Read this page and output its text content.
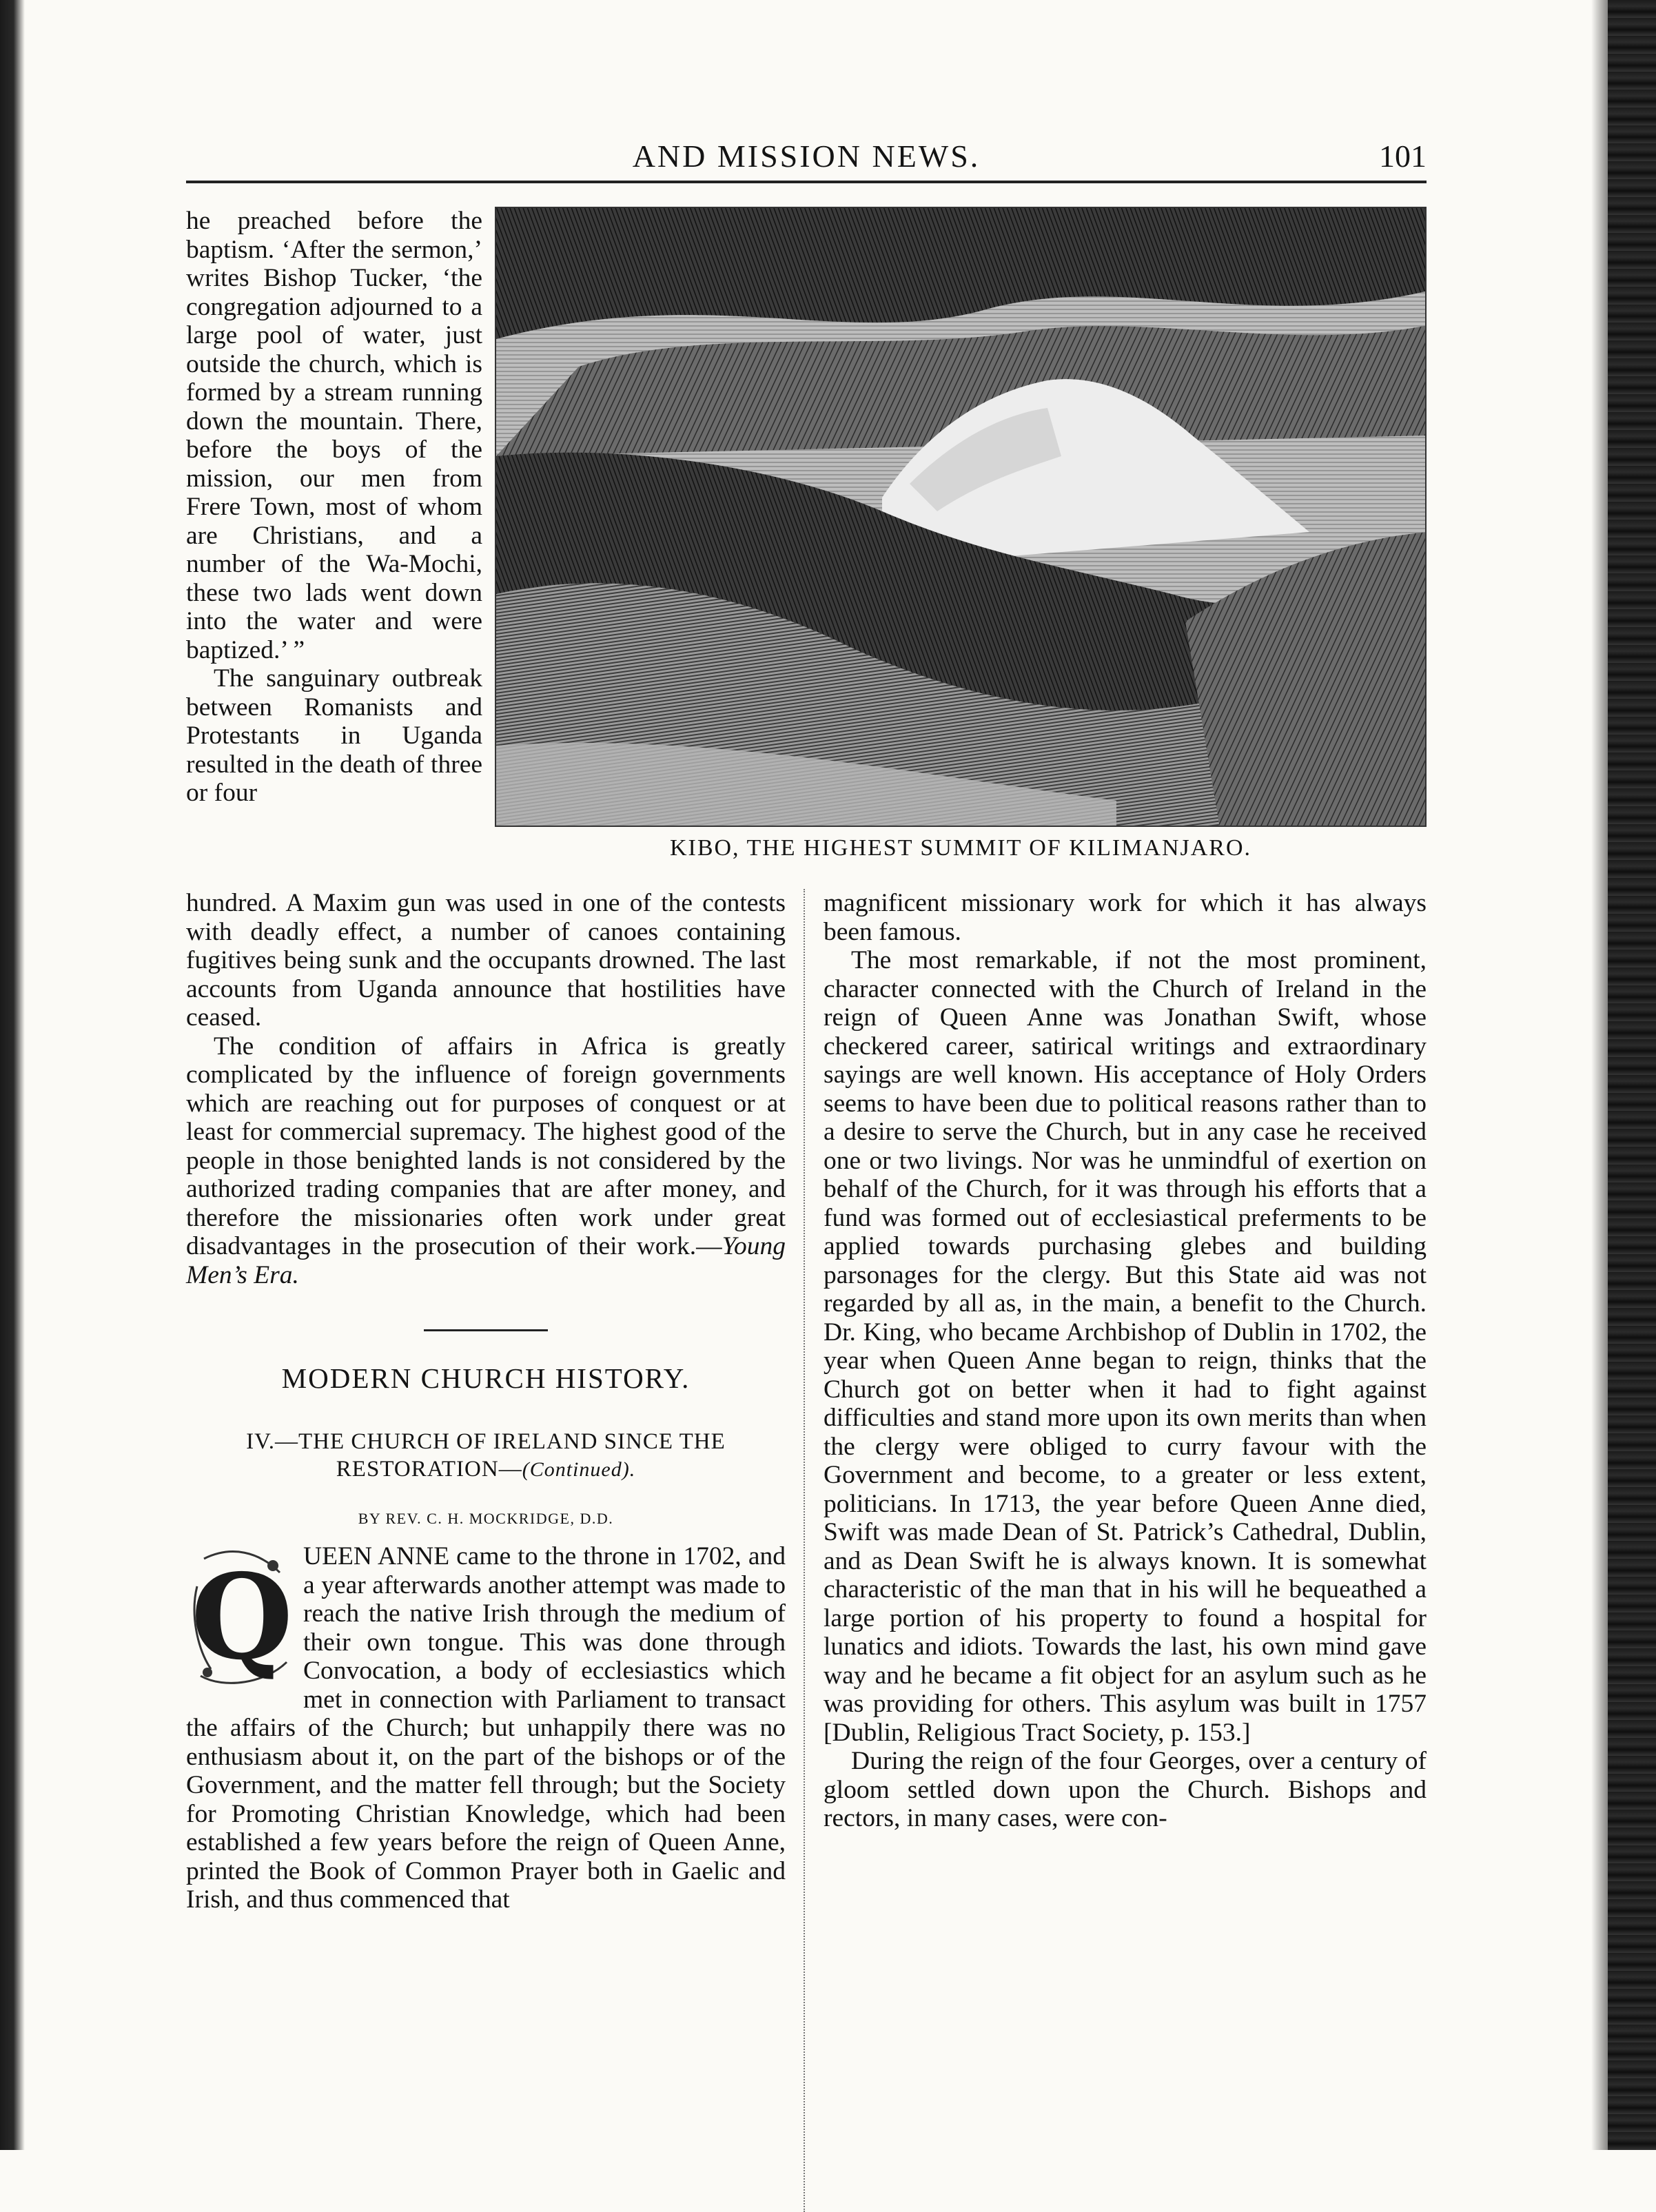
AND MISSION NEWS.	101

he preached before the baptism. ‘After the sermon,’ writes Bishop Tucker, ‘the congregation adjourned to a large pool of water, just outside the church, which is formed by a stream running down the mountain. There, before the boys of the mission, our men from Frere Town, most of whom are Christians, and a number of the Wa-Mochi, these two lads went down into the water and were baptized.’ ”

The sanguinary outbreak between Romanists and Protestants in Uganda resulted in the death of three or four

KIBO, THE HIGHEST SUMMIT OF KILIMANJARO.

hundred. A Maxim gun was used in one of the contests with deadly effect, a number of canoes containing fugitives being sunk and the occupants drowned. The last accounts from Uganda announce that hostilities have ceased.

The condition of affairs in Africa is greatly complicated by the influence of foreign governments which are reaching out for purposes of conquest or at least for commercial supremacy. The highest good of the people in those benighted lands is not considered by the authorized trading companies that are after money, and therefore the missionaries often work under great disadvantages in the prosecution of their work.—Young Men’s Era.

MODERN CHURCH HISTORY.
IV.—THE CHURCH OF IRELAND SINCE THE RESTORATION—(Continued).
BY REV. C. H. MOCKRIDGE, D.D.
Q UEEN ANNE came to the throne in 1702, and a year afterwards another attempt was made to reach the native Irish through the medium of their own tongue. This was done through Convocation, a body of ecclesiastics which met in connection with Parliament to transact the affairs of the Church; but unhappily there was no enthusiasm about it, on the part of the bishops or of the Government, and the matter fell through; but the Society for Promoting Christian Knowledge, which had been established a few years before the reign of Queen Anne, printed the Book of Common Prayer both in Gaelic and Irish, and thus commenced that

magnificent missionary work for which it has always been famous.

The most remarkable, if not the most prominent, character connected with the Church of Ireland in the reign of Queen Anne was Jonathan Swift, whose checkered career, satirical writings and extraordinary sayings are well known. His acceptance of Holy Orders seems to have been due to political reasons rather than to a desire to serve the Church, but in any case he received one or two livings. Nor was he unmindful of exertion on behalf of the Church, for it was through his efforts that a fund was formed out of ecclesiastical preferments to be applied towards purchasing glebes and building parsonages for the clergy. But this State aid was not regarded by all as, in the main, a benefit to the Church. Dr. King, who became Archbishop of Dublin in 1702, the year when Queen Anne began to reign, thinks that the Church got on better when it had to fight against difficulties and stand more upon its own merits than when the clergy were obliged to curry favour with the Government and become, to a greater or less extent, politicians. In 1713, the year before Queen Anne died, Swift was made Dean of St. Patrick’s Cathedral, Dublin, and as Dean Swift he is always known. It is somewhat characteristic of the man that in his will he bequeathed a large portion of his property to found a hospital for lunatics and idiots. Towards the last, his own mind gave way and he became a fit object for an asylum such as he was providing for others. This asylum was built in 1757 [Dublin, Religious Tract Society, p. 153.]

During the reign of the four Georges, over a century of gloom settled down upon the Church. Bishops and rectors, in many cases, were con-
